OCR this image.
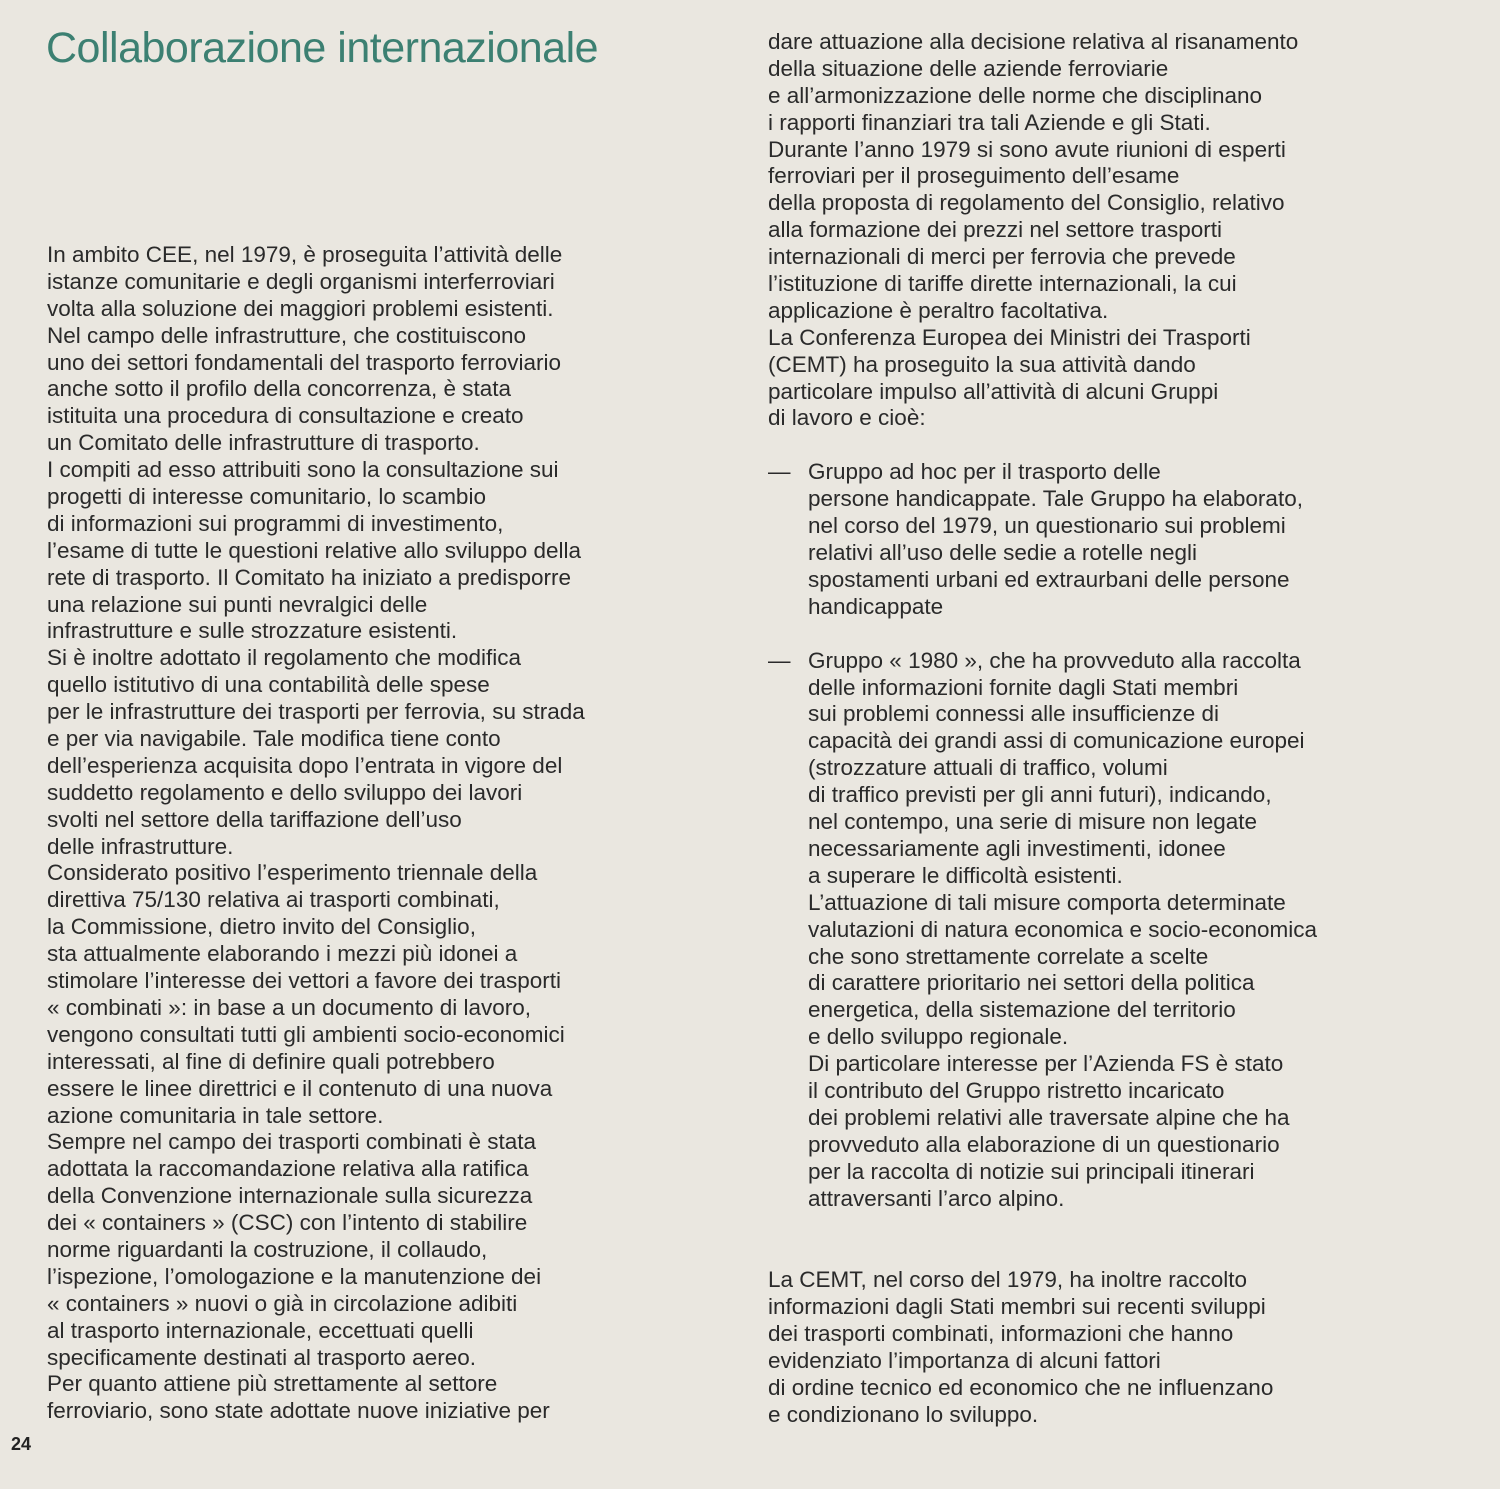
Collaborazione internazionale
In ambito CEE, nel 1979, è proseguita l’attività delle
istanze comunitarie e degli organismi interferroviari
volta alla soluzione dei maggiori problemi esistenti.
Nel campo delle infrastrutture, che costituiscono
uno dei settori fondamentali del trasporto ferroviario
anche sotto il profilo della concorrenza, è stata
istituita una procedura di consultazione e creato
un Comitato delle infrastrutture di trasporto.
I compiti ad esso attribuiti sono la consultazione sui
progetti di interesse comunitario, lo scambio
di informazioni sui programmi di investimento,
l’esame di tutte le questioni relative allo sviluppo della
rete di trasporto. Il Comitato ha iniziato a predisporre
una relazione sui punti nevralgici delle
infrastrutture e sulle strozzature esistenti.
Si è inoltre adottato il regolamento che modifica
quello istitutivo di una contabilità delle spese
per le infrastrutture dei trasporti per ferrovia, su strada
e per via navigabile. Tale modifica tiene conto
dell’esperienza acquisita dopo l’entrata in vigore del
suddetto regolamento e dello sviluppo dei lavori
svolti nel settore della tariffazione dell’uso
delle infrastrutture.
Considerato positivo l’esperimento triennale della
direttiva 75/130 relativa ai trasporti combinati,
la Commissione, dietro invito del Consiglio,
sta attualmente elaborando i mezzi più idonei a
stimolare l’interesse dei vettori a favore dei trasporti
« combinati »: in base a un documento di lavoro,
vengono consultati tutti gli ambienti socio-economici
interessati, al fine di definire quali potrebbero
essere le linee direttrici e il contenuto di una nuova
azione comunitaria in tale settore.
Sempre nel campo dei trasporti combinati è stata
adottata la raccomandazione relativa alla ratifica
della Convenzione internazionale sulla sicurezza
dei « containers » (CSC) con l’intento di stabilire
norme riguardanti la costruzione, il collaudo,
l’ispezione, l’omologazione e la manutenzione dei
« containers » nuovi o già in circolazione adibiti
al trasporto internazionale, eccettuati quelli
specificamente destinati al trasporto aereo.
Per quanto attiene più strettamente al settore
ferroviario, sono state adottate nuove iniziative per
dare attuazione alla decisione relativa al risanamento
della situazione delle aziende ferroviarie
e all’armonizzazione delle norme che disciplinano
i rapporti finanziari tra tali Aziende e gli Stati.
Durante l’anno 1979 si sono avute riunioni di esperti
ferroviari per il proseguimento dell’esame
della proposta di regolamento del Consiglio, relativo
alla formazione dei prezzi nel settore trasporti
internazionali di merci per ferrovia che prevede
l’istituzione di tariffe dirette internazionali, la cui
applicazione è peraltro facoltativa.
La Conferenza Europea dei Ministri dei Trasporti
(CEMT) ha proseguito la sua attività dando
particolare impulso all’attività di alcuni Gruppi
di lavoro e cioè:
— Gruppo ad hoc per il trasporto delle
persone handicappate. Tale Gruppo ha elaborato,
nel corso del 1979, un questionario sui problemi
relativi all’uso delle sedie a rotelle negli
spostamenti urbani ed extraurbani delle persone
handicappate
— Gruppo « 1980 », che ha provveduto alla raccolta
delle informazioni fornite dagli Stati membri
sui problemi connessi alle insufficienze di
capacità dei grandi assi di comunicazione europei
(strozzature attuali di traffico, volumi
di traffico previsti per gli anni futuri), indicando,
nel contempo, una serie di misure non legate
necessariamente agli investimenti, idonee
a superare le difficoltà esistenti.
L’attuazione di tali misure comporta determinate
valutazioni di natura economica e socio-economica
che sono strettamente correlate a scelte
di carattere prioritario nei settori della politica
energetica, della sistemazione del territorio
e dello sviluppo regionale.
Di particolare interesse per l’Azienda FS è stato
il contributo del Gruppo ristretto incaricato
dei problemi relativi alle traversate alpine che ha
provveduto alla elaborazione di un questionario
per la raccolta di notizie sui principali itinerari
attraversanti l’arco alpino.
La CEMT, nel corso del 1979, ha inoltre raccolto
informazioni dagli Stati membri sui recenti sviluppi
dei trasporti combinati, informazioni che hanno
evidenziato l’importanza di alcuni fattori
di ordine tecnico ed economico che ne influenzano
e condizionano lo sviluppo.
24
